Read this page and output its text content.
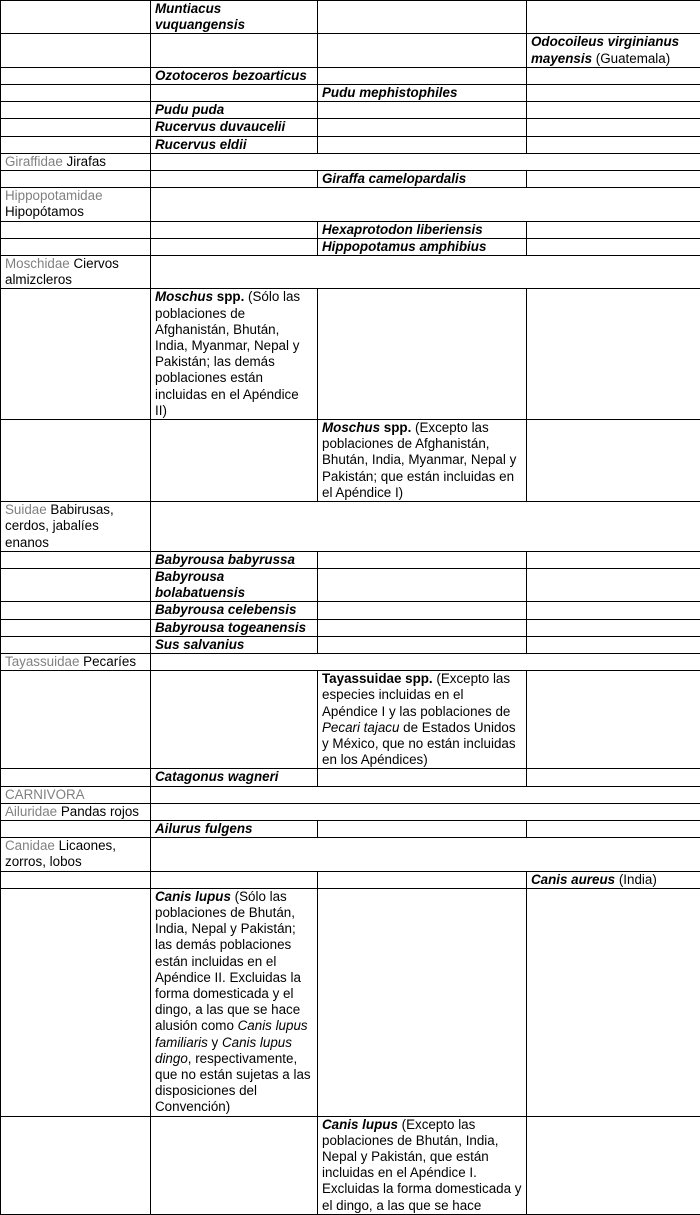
	Muntiacus vuquangensis		
			Odocoileus virginianus mayensis (Guatemala)
	Ozotoceros bezoarticus		
		Pudu mephistophiles	
	Pudu puda		
	Rucervus duvaucelii		
	Rucervus eldii		
Giraffidae Jirafas			
		Giraffa camelopardalis	
Hippopotamidae Hipopótamos			
		Hexaprotodon liberiensis	
		Hippopotamus amphibius	
Moschidae Ciervos almizcleros			
	Moschus spp. (Sólo las poblaciones de Afghanistán, Bhután, India, Myanmar, Nepal y Pakistán; las demás poblaciones están incluidas en el Apéndice II)		
		Moschus spp. (Excepto las poblaciones de Afghanistán, Bhután, India, Myanmar, Nepal y Pakistán; que están incluidas en el Apéndice I)	
Suidae Babirusas, cerdos, jabalíes enanos			
	Babyrousa babyrussa		
	Babyrousa bolabatuensis		
	Babyrousa celebensis		
	Babyrousa togeanensis		
	Sus salvanius		
Tayassuidae Pecaríes			
		Tayassuidae spp. (Excepto las especies incluidas en el Apéndice I y las poblaciones de Pecari tajacu de Estados Unidos y México, que no están incluidas en los Apéndices)	
	Catagonus wagneri		
CARNIVORA			
Ailuridae Pandas rojos			
	Ailurus fulgens		
Canidae Licaones, zorros, lobos			
			Canis aureus (India)
	Canis lupus (Sólo las poblaciones de Bhután, India, Nepal y Pakistán; las demás poblaciones están incluidas en el Apéndice II. Excluidas la forma domesticada y el dingo, a las que se hace alusión como Canis lupus familiaris y Canis lupus dingo, respectivamente, que no están sujetas a las disposiciones del Convención)		
		Canis lupus (Excepto las poblaciones de Bhután, India, Nepal y Pakistán, que están incluidas en el Apéndice I. Excluidas la forma domesticada y el dingo, a las que se hace	
